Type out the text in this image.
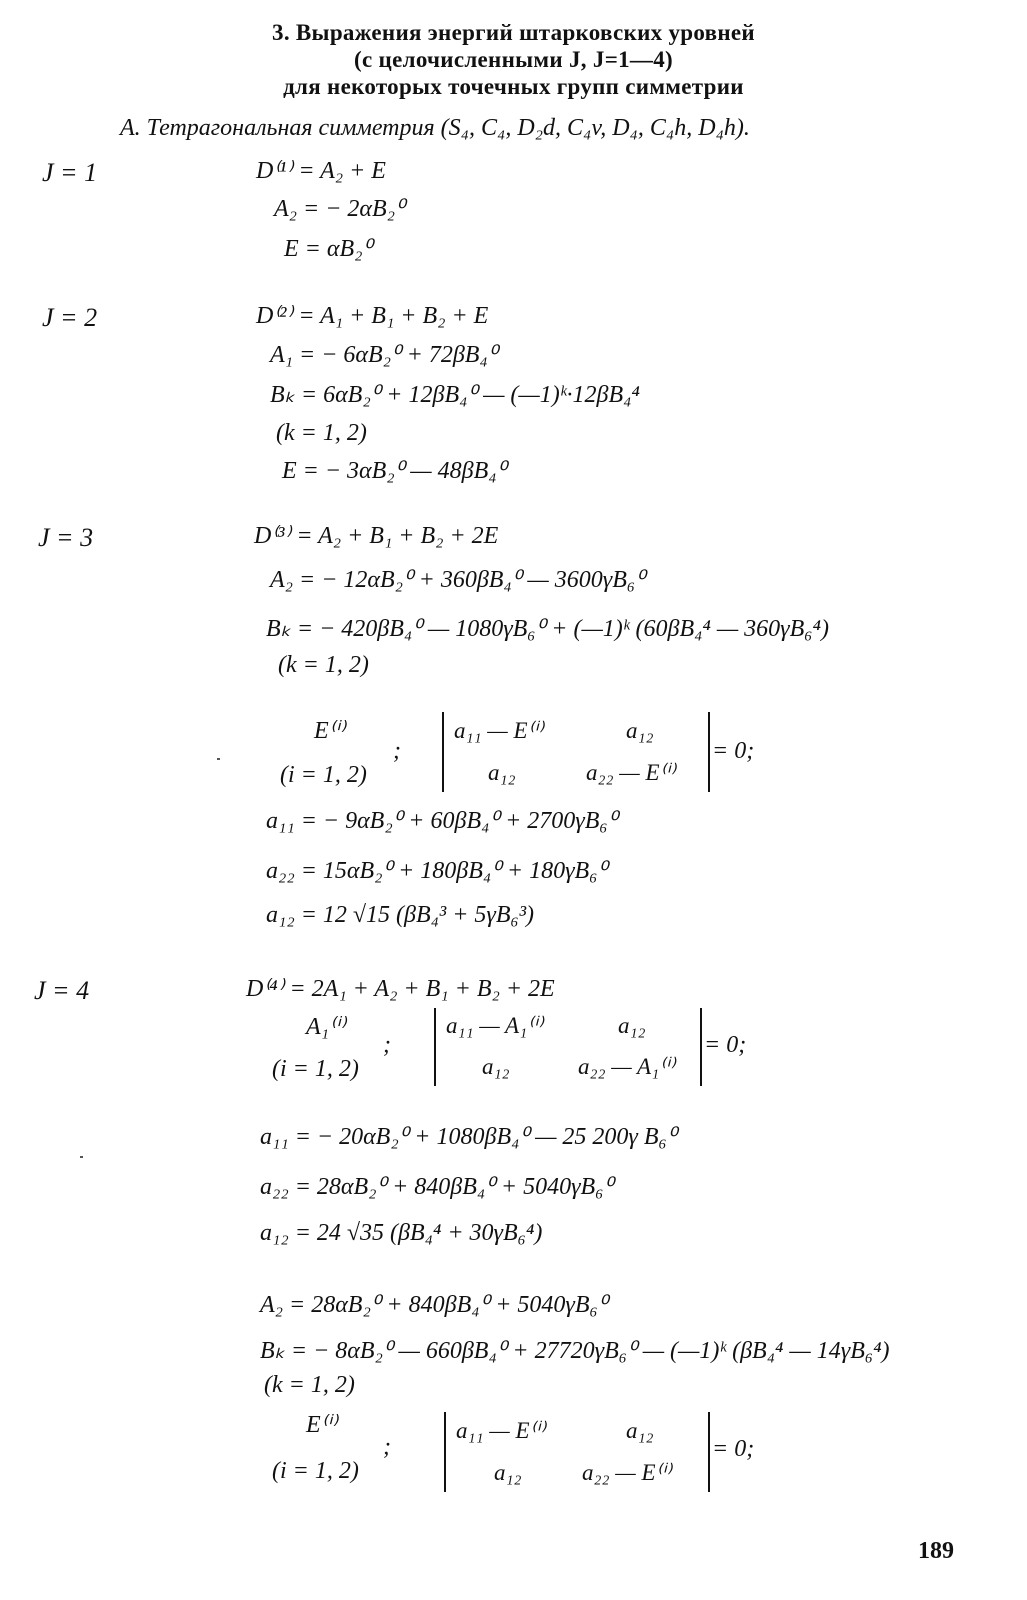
3. Выражения энергий штарковских уровней
(с целочисленными J, J=1—4)
для некоторых точечных групп симметрии
A. Тетрагональная симметрия (S₄, C₄, D₂d, C₄v, D₄, C₄h, D₄h).
J = 1	D⁽¹⁾ = A₂ + E
A₂ = − 2αB₂⁰
E = αB₂⁰
J = 2	D⁽²⁾ = A₁ + B₁ + B₂ + E
A₁ = − 6αB₂⁰ + 72βB₄⁰
Bₖ = 6αB₂⁰ + 12βB₄⁰ — (—1)ᵏ·12βB₄⁴
(k = 1, 2)
E = − 3αB₂⁰ — 48βB₄⁰
J = 3	D⁽³⁾ = A₂ + B₁ + B₂ + 2E
A₂ = − 12αB₂⁰ + 360βB₄⁰ — 3600γB₆⁰
Bₖ = − 420βB₄⁰ — 1080γB₆⁰ + (—1)ᵏ (60βB₄⁴ — 360γB₆⁴)
(k = 1, 2)
E⁽ⁱ⁾
(i = 1, 2)
;
a₁₁ — E⁽ⁱ⁾	a₁₂
a₁₂	a₂₂ — E⁽ⁱ⁾
= 0;
a₁₁ = − 9αB₂⁰ + 60βB₄⁰ + 2700γB₆⁰
a₂₂ = 15αB₂⁰ + 180βB₄⁰ + 180γB₆⁰
a₁₂ = 12 √15 (βB₄³ + 5γB₆³)
J = 4	D⁽⁴⁾ = 2A₁ + A₂ + B₁ + B₂ + 2E
A₁⁽ⁱ⁾
(i = 1, 2)
;
a₁₁ — A₁⁽ⁱ⁾	a₁₂
a₁₂	a₂₂ — A₁⁽ⁱ⁾
= 0;
a₁₁ = − 20αB₂⁰ + 1080βB₄⁰ — 25 200γ B₆⁰
a₂₂ = 28αB₂⁰ + 840βB₄⁰ + 5040γB₆⁰
a₁₂ = 24 √35 (βB₄⁴ + 30γB₆⁴)
A₂ = 28αB₂⁰ + 840βB₄⁰ + 5040γB₆⁰
Bₖ = − 8αB₂⁰ — 660βB₄⁰ + 27720γB₆⁰ — (—1)ᵏ (βB₄⁴ — 14γB₆⁴)
(k = 1, 2)
E⁽ⁱ⁾
(i = 1, 2)
;
a₁₁ — E⁽ⁱ⁾	a₁₂
a₁₂	a₂₂ — E⁽ⁱ⁾
= 0;
189
